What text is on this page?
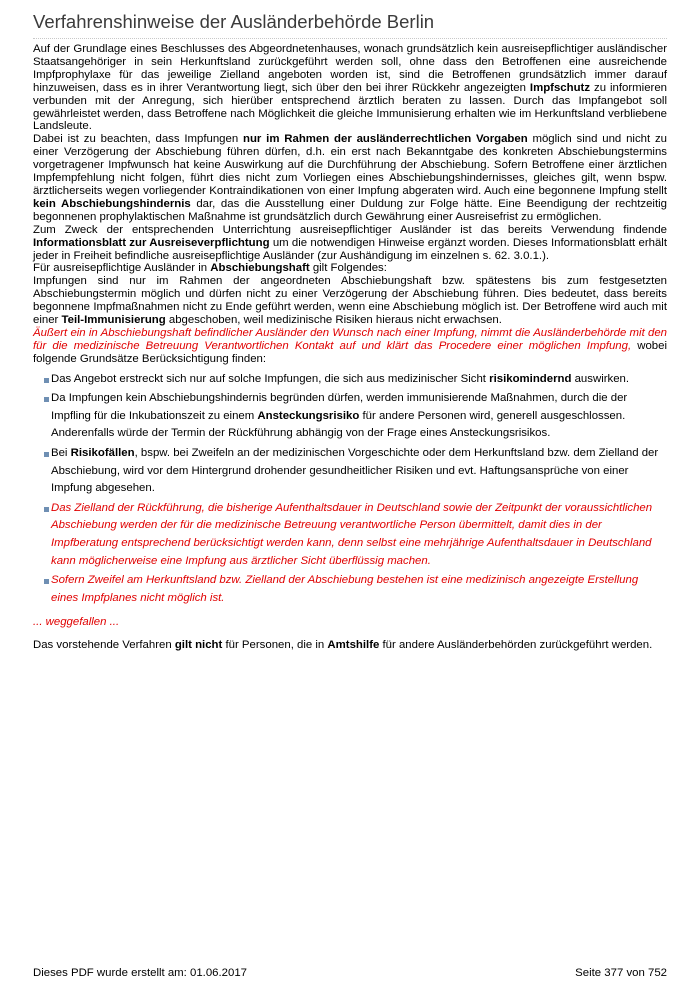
Verfahrenshinweise der Ausländerbehörde Berlin

Auf der Grundlage eines Beschlusses des Abgeordnetenhauses, wonach grundsätzlich kein ausreisepflichtiger ausländischer Staatsangehöriger in sein Herkunftsland zurückgeführt werden soll, ohne dass den Betroffenen eine ausreichende Impfprophylaxe für das jeweilige Zielland angeboten worden ist, sind die Betroffenen grundsätzlich immer darauf hinzuweisen, dass es in ihrer Verantwortung liegt, sich über den bei ihrer Rückkehr angezeigten Impfschutz zu informieren verbunden mit der Anregung, sich hierüber entsprechend ärztlich beraten zu lassen. Durch das Impfangebot soll gewährleistet werden, dass Betroffene nach Möglichkeit die gleiche Immunisierung erhalten wie im Herkunftsland verbliebene Landsleute.

Dabei ist zu beachten, dass Impfungen nur im Rahmen der ausländerrechtlichen Vorgaben möglich sind und nicht zu einer Verzögerung der Abschiebung führen dürfen, d.h. ein erst nach Bekanntgabe des konkreten Abschiebungstermins vorgetragener Impfwunsch hat keine Auswirkung auf die Durchführung der Abschiebung. Sofern Betroffene einer ärztlichen Impfempfehlung nicht folgen, führt dies nicht zum Vorliegen eines Abschiebungshindernisses, gleiches gilt, wenn bspw. ärztlicherseits wegen vorliegender Kontraindikationen von einer Impfung abgeraten wird. Auch eine begonnene Impfung stellt kein Abschiebungshindernis dar, das die Ausstellung einer Duldung zur Folge hätte. Eine Beendigung der rechtzeitig begonnenen prophylaktischen Maßnahme ist grundsätzlich durch Gewährung einer Ausreisefrist zu ermöglichen.

Zum Zweck der entsprechenden Unterrichtung ausreisepflichtiger Ausländer ist das bereits Verwendung findende Informationsblatt zur Ausreiseverpflichtung um die notwendigen Hinweise ergänzt worden. Dieses Informationsblatt erhält jeder in Freiheit befindliche ausreisepflichtige Ausländer (zur Aushändigung im einzelnen s. 62. 3.0.1.).

Für ausreisepflichtige Ausländer in Abschiebungshaft gilt Folgendes:

Impfungen sind nur im Rahmen der angeordneten Abschiebungshaft bzw. spätestens bis zum festgesetzten Abschiebungstermin möglich und dürfen nicht zu einer Verzögerung der Abschiebung führen. Dies bedeutet, dass bereits begonnene Impfmaßnahmen nicht zu Ende geführt werden, wenn eine Abschiebung möglich ist. Der Betroffene wird auch mit einer Teil-Immunisierung abgeschoben, weil medizinische Risiken hieraus nicht erwachsen.

Äußert ein in Abschiebungshaft befindlicher Ausländer den Wunsch nach einer Impfung, nimmt die Ausländerbehörde mit den für die medizinische Betreuung Verantwortlichen Kontakt auf und klärt das Procedere einer möglichen Impfung, wobei folgende Grundsätze Berücksichtigung finden:

Das Angebot erstreckt sich nur auf solche Impfungen, die sich aus medizinischer Sicht risikomindernd auswirken.
Da Impfungen kein Abschiebungshindernis begründen dürfen, werden immunisierende Maßnahmen, durch die der Impfling für die Inkubationszeit zu einem Ansteckungsrisiko für andere Personen wird, generell ausgeschlossen. Anderenfalls würde der Termin der Rückführung abhängig von der Frage eines Ansteckungsrisikos.
Bei Risikofällen, bspw. bei Zweifeln an der medizinischen Vorgeschichte oder dem Herkunftsland bzw. dem Zielland der Abschiebung, wird vor dem Hintergrund drohender gesundheitlicher Risiken und evt. Haftungsansprüche von einer Impfung abgesehen.
Das Zielland der Rückführung, die bisherige Aufenthaltsdauer in Deutschland sowie der Zeitpunkt der voraussichtlichen Abschiebung werden der für die medizinische Betreuung verantwortliche Person übermittelt, damit dies in der Impfberatung entsprechend berücksichtigt werden kann, denn selbst eine mehrjährige Aufenthaltsdauer in Deutschland kann möglicherweise eine Impfung aus ärztlicher Sicht überflüssig machen.
Sofern Zweifel am Herkunftsland bzw. Zielland der Abschiebung bestehen ist eine medizinisch angezeigte Erstellung eines Impfplanes nicht möglich ist.
... weggefallen ...
Das vorstehende Verfahren gilt nicht für Personen, die in Amtshilfe für andere Ausländerbehörden zurückgeführt werden.
Dieses PDF wurde erstellt am: 01.06.2017	Seite 377 von 752
